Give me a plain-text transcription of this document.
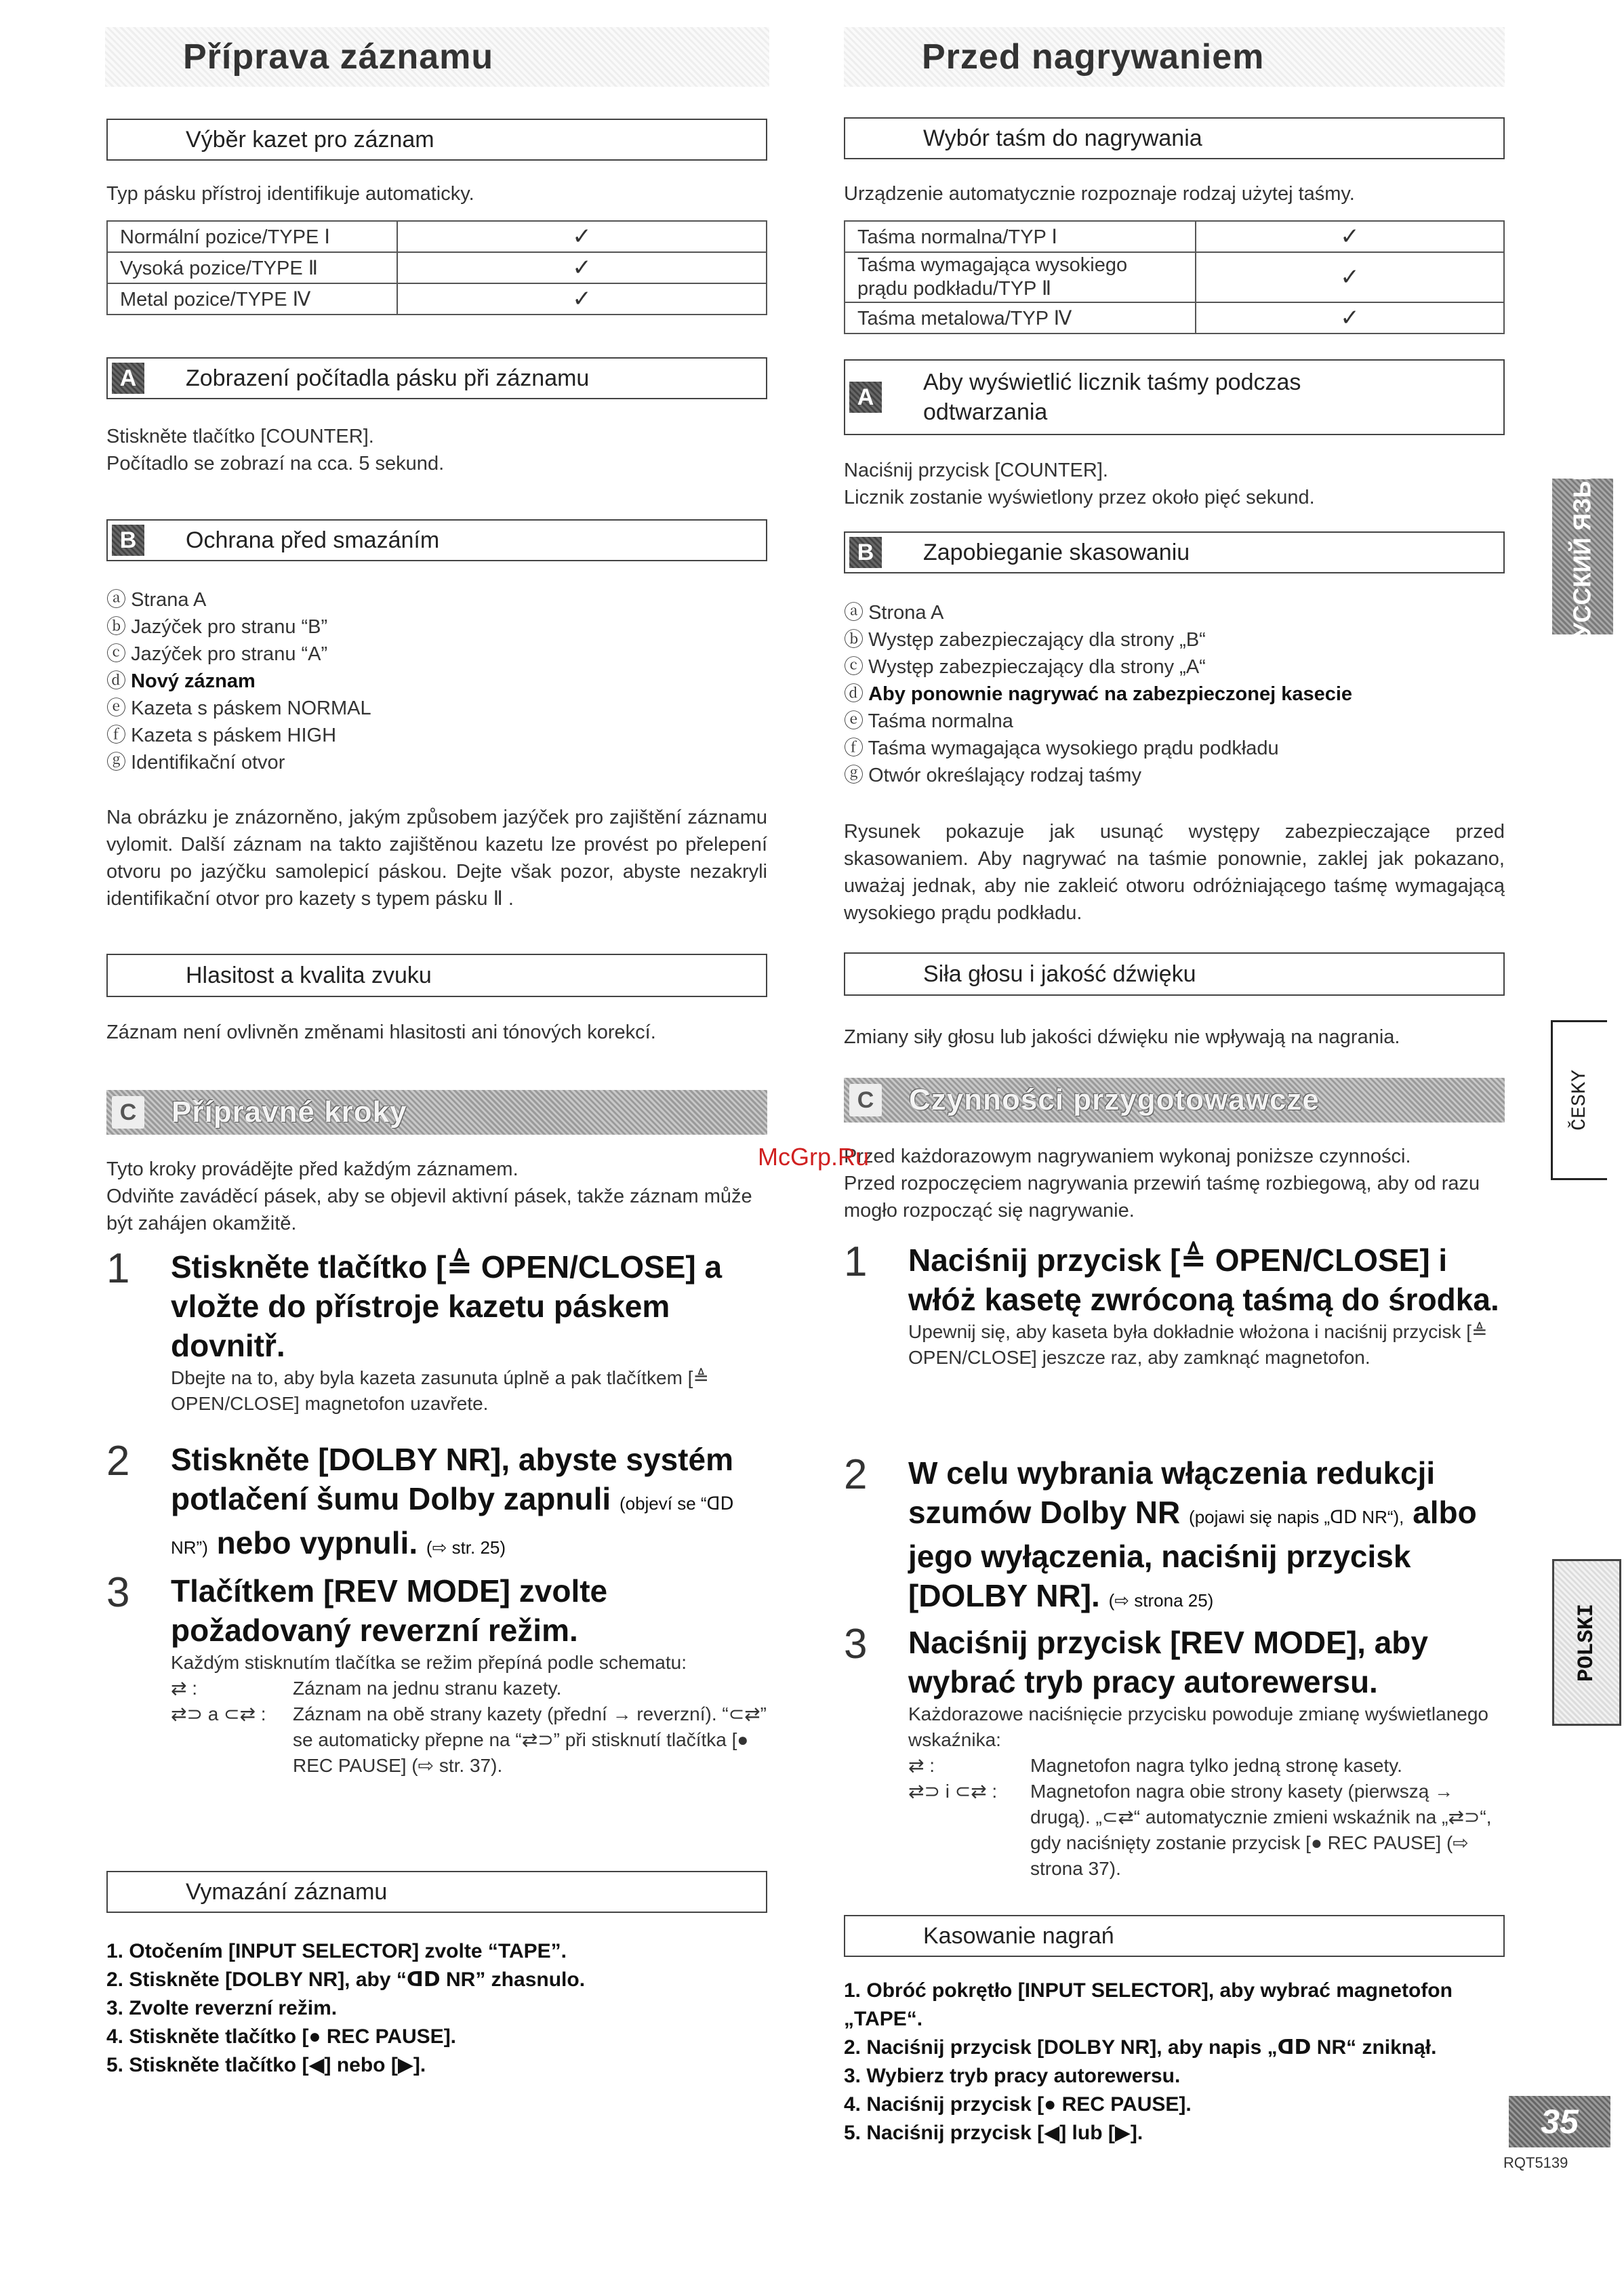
Příprava záznamu
Výběr kazet pro záznam
Typ pásku přístroj identifikuje automaticky.
Normální pozice/TYPE Ⅰ	✓
Vysoká pozice/TYPE Ⅱ	✓
Metal pozice/TYPE Ⅳ	✓
A	Zobrazení počítadla pásku při záznamu
Stiskněte tlačítko [COUNTER].
Počítadlo se zobrazí na cca. 5 sekund.
B	Ochrana před smazáním
ⓐ Strana A
ⓑ Jazýček pro stranu “B”
ⓒ Jazýček pro stranu “A”
ⓓ Nový záznam
ⓔ Kazeta s páskem NORMAL
ⓕ Kazeta s páskem HIGH
ⓖ Identifikační otvor
Na obrázku je znázorněno, jakým způsobem jazýček pro zajištění záznamu vylomit. Další záznam na takto zajištěnou kazetu lze provést po přelepení otvoru po jazýčku samolepicí páskou. Dejte však pozor, abyste nezakryli identifikační otvor pro kazety s typem pásku Ⅱ .
Hlasitost a kvalita zvuku
Záznam není ovlivněn změnami hlasitosti ani tónových korekcí.
C Přípravné kroky
Tyto kroky provádějte před každým záznamem.
Odviňte zaváděcí pásek, aby se objevil aktivní pásek, takže záznam může být zahájen okamžitě.
1 Stiskněte tlačítko [≜ OPEN/CLOSE] a vložte do přístroje kazetu páskem dovnitř.
Dbejte na to, aby byla kazeta zasunuta úplně a pak tlačítkem [≜ OPEN/CLOSE] magnetofon uzavřete.
2 Stiskněte [DOLBY NR], abyste systém potlačení šumu Dolby zapnuli (objeví se “ᗡᗞ NR”) nebo vypnuli. (⇨ str. 25)
3 Tlačítkem [REV MODE] zvolte požadovaný reverzní režim.
Každým stisknutím tlačítka se režim přepíná podle schematu:
⇄ :	Záznam na jednu stranu kazety.
⇄⊃ a ⊂⇄ :	Záznam na obě strany kazety (přední → reverzní). “⊂⇄” se automaticky přepne na “⇄⊃” při stisknutí tlačítka [● REC PAUSE] (⇨ str. 37).
Vymazání záznamu
1. Otočením [INPUT SELECTOR] zvolte “TAPE”.
2. Stiskněte [DOLBY NR], aby “ᗡᗞ NR” zhasnulo.
3. Zvolte reverzní režim.
4. Stiskněte tlačítko [● REC PAUSE].
5. Stiskněte tlačítko [◀] nebo [▶].
Przed nagrywaniem
Wybór taśm do nagrywania
Urządzenie automatycznie rozpoznaje rodzaj użytej taśmy.
Taśma normalna/TYP Ⅰ	✓
Taśma wymagająca wysokiego prądu podkładu/TYP Ⅱ	✓
Taśma metalowa/TYP Ⅳ	✓
A
Aby wyświetlić licznik taśmy podczas odtwarzania
Naciśnij przycisk [COUNTER].
Licznik zostanie wyświetlony przez około pięć sekund.
B	Zapobieganie skasowaniu
ⓐ Strona A
ⓑ Występ zabezpieczający dla strony „B“
ⓒ Występ zabezpieczający dla strony „A“
ⓓ Aby ponownie nagrywać na zabezpieczonej kasecie
ⓔ Taśma normalna
ⓕ Taśma wymagająca wysokiego prądu podkładu
ⓖ Otwór określający rodzaj taśmy
Rysunek pokazuje jak usunąć występy zabezpieczające przed skasowaniem. Aby nagrywać na taśmie ponownie, zaklej jak pokazano, uważaj jednak, aby nie zakleić otworu odróżniającego taśmę wymagającą wysokiego prądu podkładu.
Siła głosu i jakość dźwięku
Zmiany siły głosu lub jakości dźwięku nie wpływają na nagrania.
C Czynności przygotowawcze
Przed każdorazowym nagrywaniem wykonaj poniższe czynności.
Przed rozpoczęciem nagrywania przewiń taśmę rozbiegową, aby od razu mogło rozpocząć się nagrywanie.
1 Naciśnij przycisk [≜ OPEN/CLOSE] i włóż kasetę zwróconą taśmą do środka.
Upewnij się, aby kaseta była dokładnie włożona i naciśnij przycisk [≜ OPEN/CLOSE] jeszcze raz, aby zamknąć magnetofon.
2 W celu wybrania włączenia redukcji szumów Dolby NR (pojawi się napis „ᗡᗞ NR“), albo jego wyłączenia, naciśnij przycisk [DOLBY NR]. (⇨ strona 25)
3 Naciśnij przycisk [REV MODE], aby wybrać tryb pracy autorewersu.
Każdorazowe naciśnięcie przycisku powoduje zmianę wyświetlanego wskaźnika:
⇄ :	Magnetofon nagra tylko jedną stronę kasety.
⇄⊃ i ⊂⇄ :	Magnetofon nagra obie strony kasety (pierwszą → drugą). „⊂⇄“ automatycznie zmieni wskaźnik na „⇄⊃“, gdy naciśnięty zostanie przycisk [● REC PAUSE] (⇨ strona 37).
Kasowanie nagrań
1. Obróć pokrętło [INPUT SELECTOR], aby wybrać magnetofon „TAPE“.
2. Naciśnij przycisk [DOLBY NR], aby napis „ᗡᗞ NR“ zniknął.
3. Wybierz tryb pracy autorewersu.
4. Naciśnij przycisk [● REC PAUSE].
5. Naciśnij przycisk [◀] lub [▶].
РУССКИЙ ЯЗЫК
ČESKY
POLSKI
McGrp.Ru
35
RQT5139
